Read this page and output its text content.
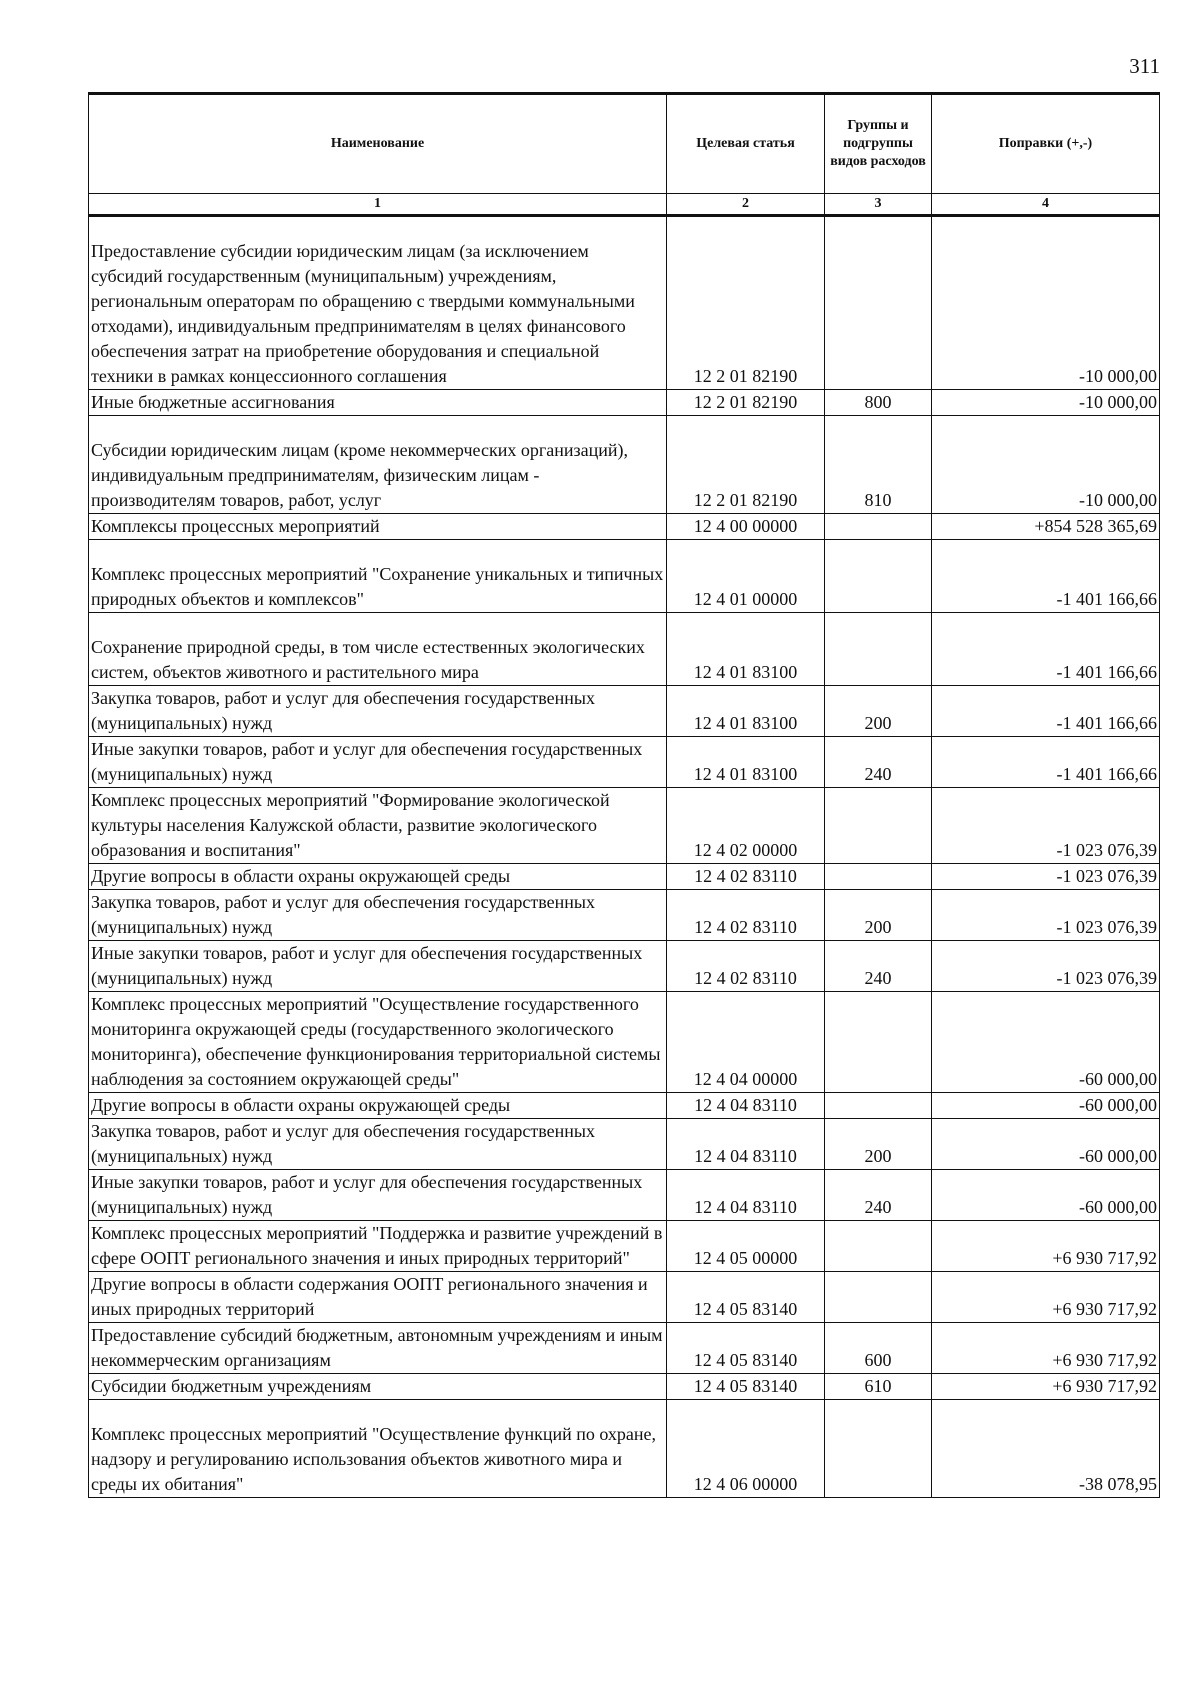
311
Наименование	Целевая статья	Группы и подгруппы видов расходов	Поправки (+,-)
1	2	3	4
Предоставление субсидии юридическим лицам (за исключением субсидий государственным (муниципальным) учреждениям, региональным операторам по обращению с твердыми коммунальными отходами), индивидуальным предпринимателям в целях финансового обеспечения затрат на приобретение оборудования и специальной техники в рамках концессионного соглашения	12 2 01 82190		-10 000,00
Иные бюджетные ассигнования	12 2 01 82190	800	-10 000,00
Субсидии юридическим лицам (кроме некоммерческих организаций), индивидуальным предпринимателям, физическим лицам - производителям товаров, работ, услуг	12 2 01 82190	810	-10 000,00
Комплексы процессных мероприятий	12 4 00 00000		+854 528 365,69
Комплекс процессных мероприятий "Сохранение уникальных и типичных природных объектов и комплексов"	12 4 01 00000		-1 401 166,66
Сохранение природной среды, в том числе естественных экологических систем, объектов животного и растительного мира	12 4 01 83100		-1 401 166,66
Закупка товаров, работ и услуг для обеспечения государственных (муниципальных) нужд	12 4 01 83100	200	-1 401 166,66
Иные закупки товаров, работ и услуг для обеспечения государственных (муниципальных) нужд	12 4 01 83100	240	-1 401 166,66
Комплекс процессных мероприятий "Формирование экологической культуры населения Калужской области, развитие экологического образования и воспитания"	12 4 02 00000		-1 023 076,39
Другие вопросы в области охраны окружающей среды	12 4 02 83110		-1 023 076,39
Закупка товаров, работ и услуг для обеспечения государственных (муниципальных) нужд	12 4 02 83110	200	-1 023 076,39
Иные закупки товаров, работ и услуг для обеспечения государственных (муниципальных) нужд	12 4 02 83110	240	-1 023 076,39
Комплекс процессных мероприятий "Осуществление государственного мониторинга окружающей среды (государственного экологического мониторинга), обеспечение функционирования территориальной системы наблюдения за состоянием окружающей среды"	12 4 04 00000		-60 000,00
Другие вопросы в области охраны окружающей среды	12 4 04 83110		-60 000,00
Закупка товаров, работ и услуг для обеспечения государственных (муниципальных) нужд	12 4 04 83110	200	-60 000,00
Иные закупки товаров, работ и услуг для обеспечения государственных (муниципальных) нужд	12 4 04 83110	240	-60 000,00
Комплекс процессных мероприятий "Поддержка и развитие учреждений в сфере ООПТ регионального значения и иных природных территорий"	12 4 05 00000		+6 930 717,92
Другие вопросы в области содержания ООПТ регионального значения и иных природных территорий	12 4 05 83140		+6 930 717,92
Предоставление субсидий бюджетным, автономным учреждениям и иным некоммерческим организациям	12 4 05 83140	600	+6 930 717,92
Субсидии бюджетным учреждениям	12 4 05 83140	610	+6 930 717,92
Комплекс процессных мероприятий "Осуществление функций по охране, надзору и регулированию использования объектов животного мира и среды их обитания"	12 4 06 00000		-38 078,95
